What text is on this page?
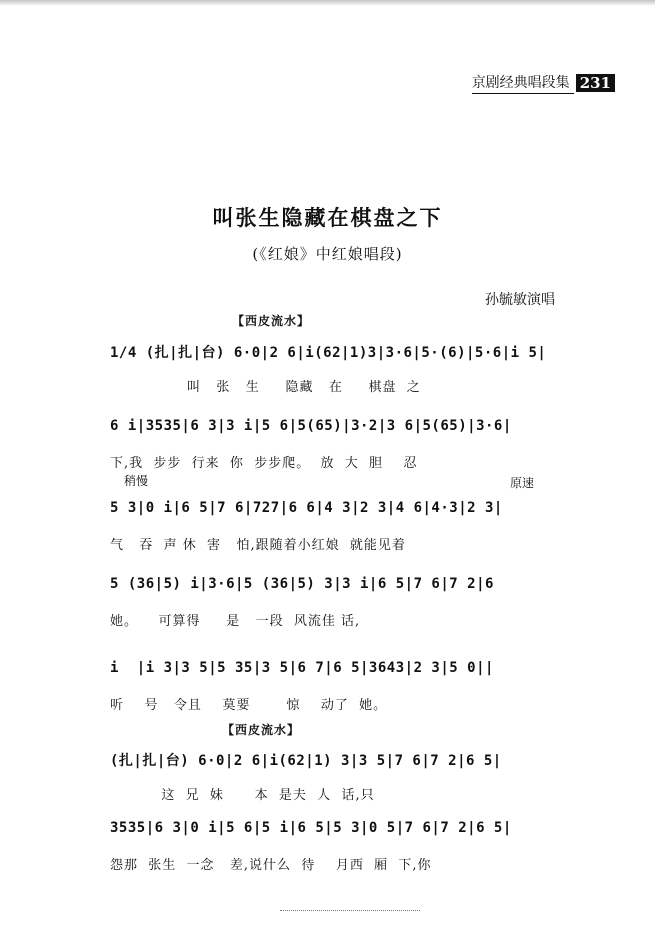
京剧经典唱段集 231
叫张生隐藏在棋盘之下
(《红娘》中红娘唱段)
孙毓敏演唱
【西皮流水】
1/4 (扎|扎|台) 6·0|2 6|i(62|1)3|3·6|5·(6)|5·6|i 5|
叫   张   生     隐藏   在     棋盘  之
6 i|3535|6 3|3 i|5 6|5(65)|3·2|3 6|5(65)|3·6|
下,我  步步  行来  你  步步爬。  放  大  胆    忍
稍慢	原速
5 3|0 i|6 5|7 6|727|6 6|4 3|2 3|4 6|4·3|2 3|
气   吞  声 休  害   怕,跟随着小红娘  就能见着
5 (36|5) i|3·6|5 (36|5) 3|3 i|6 5|7 6|7 2|6
她。    可算得     是   一段  风流佳 话,
i  |i 3|3 5|5 35|3 5|6 7|6 5|3643|2 3|5 0||
听    号   令且    莫要       惊    动了  她。
【西皮流水】
(扎|扎|台) 6·0|2 6|i(62|1) 3|3 5|7 6|7 2|6 5|
这  兄  妹      本  是夫  人  话,只
3535|6 3|0 i|5 6|5 i|6 5|5 3|0 5|7 6|7 2|6 5|
怨那  张生  一念   差,说什么  待    月西  厢  下,你
